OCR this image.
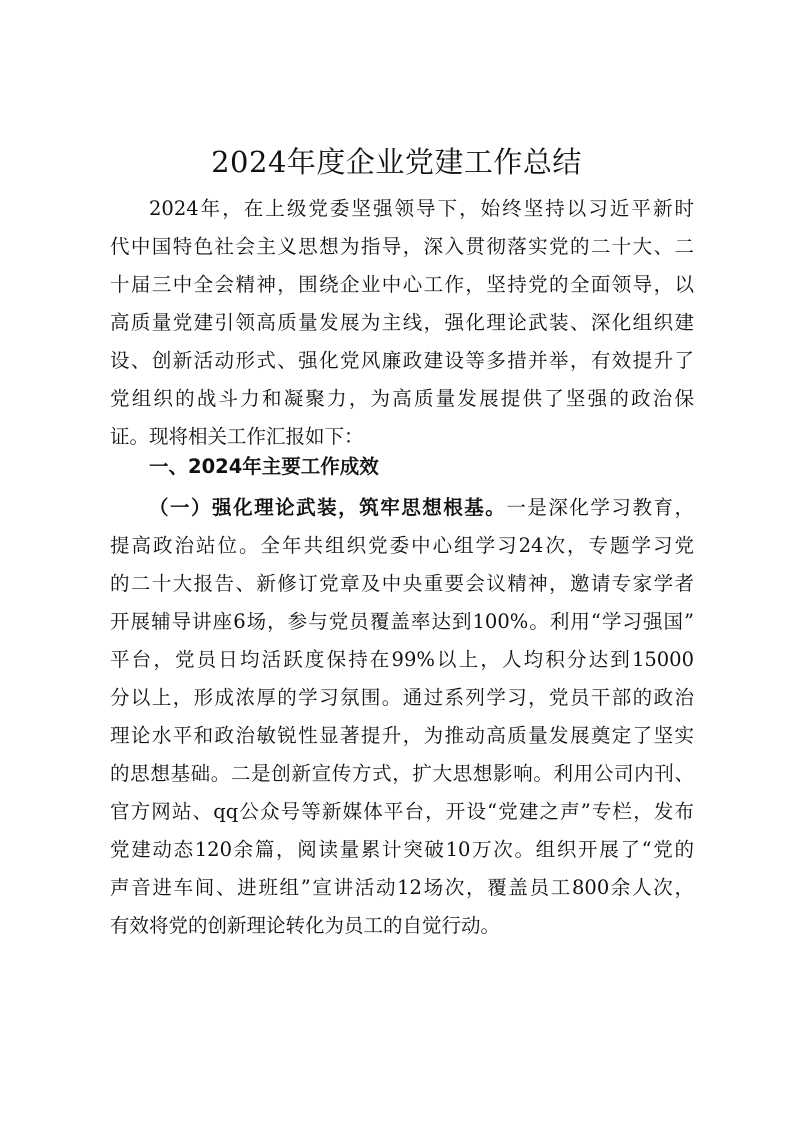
2024年度企业党建工作总结
2024年，在上级党委坚强领导下，始终坚持以习近平新时
代中国特色社会主义思想为指导，深入贯彻落实党的二十大、二
十届三中全会精神，围绕企业中心工作，坚持党的全面领导，以
高质量党建引领高质量发展为主线，强化理论武装、深化组织建
设、创新活动形式、强化党风廉政建设等多措并举，有效提升了
党组织的战斗力和凝聚力，为高质量发展提供了坚强的政治保
证。现将相关工作汇报如下：
一、2024年主要工作成效
（一）强化理论武装，筑牢思想根基。一是深化学习教育，
提高政治站位。全年共组织党委中心组学习24次，专题学习党
的二十大报告、新修订党章及中央重要会议精神，邀请专家学者
开展辅导讲座6场，参与党员覆盖率达到100%。利用“学习强国”
平台，党员日均活跃度保持在99%以上，人均积分达到15000
分以上，形成浓厚的学习氛围。通过系列学习，党员干部的政治
理论水平和政治敏锐性显著提升，为推动高质量发展奠定了坚实
的思想基础。二是创新宣传方式，扩大思想影响。利用公司内刊、
官方网站、qq公众号等新媒体平台，开设“党建之声”专栏，发布
党建动态120余篇，阅读量累计突破10万次。组织开展了“党的
声音进车间、进班组”宣讲活动12场次，覆盖员工800余人次，
有效将党的创新理论转化为员工的自觉行动。
